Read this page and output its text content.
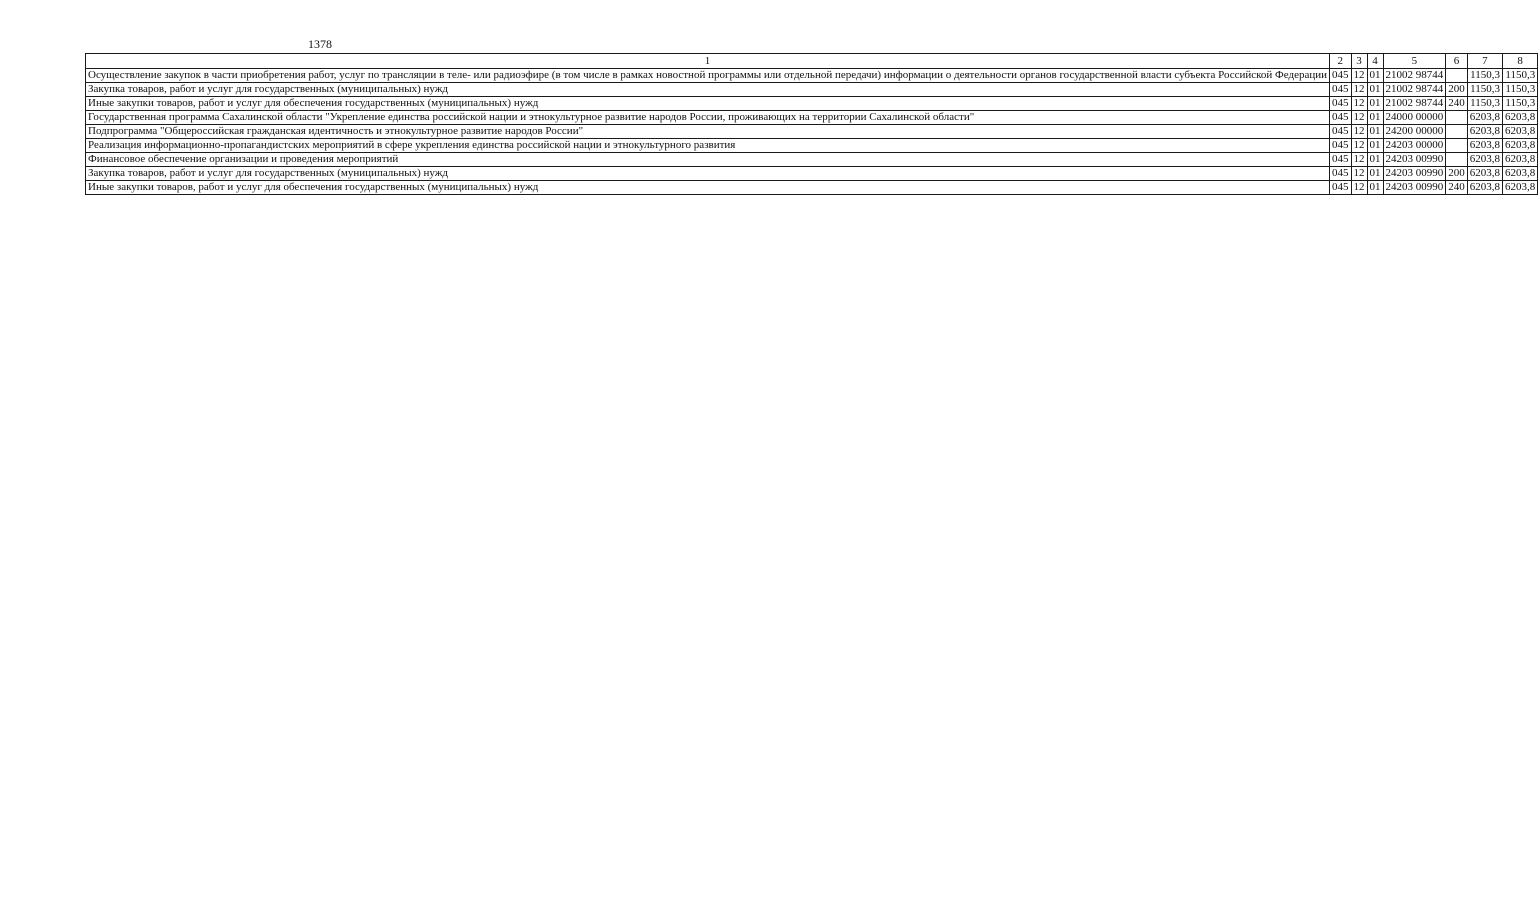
1378
1	2	3	4	5	6	7	8
Осуществление закупок в части приобретения работ, услуг по трансляции в теле- или радиоэфире (в том числе в рамках новостной программы или отдельной передачи) информации о деятельности органов государственной власти субъекта Российской Федерации	045	12	01	21002 98744		1150,3	1150,3
Закупка товаров, работ и услуг для государственных (муниципальных) нужд	045	12	01	21002 98744	200	1150,3	1150,3
Иные закупки товаров, работ и услуг для обеспечения государственных (муниципальных) нужд	045	12	01	21002 98744	240	1150,3	1150,3
Государственная программа Сахалинской области "Укрепление единства российской нации и этнокультурное развитие народов России, проживающих на территории Сахалинской области"	045	12	01	24000 00000		6203,8	6203,8
Подпрограмма "Общероссийская гражданская идентичность и этнокультурное развитие народов России"	045	12	01	24200 00000		6203,8	6203,8
Реализация информационно-пропагандистских мероприятий в сфере укрепления единства российской нации и этнокультурного развития	045	12	01	24203 00000		6203,8	6203,8
Финансовое обеспечение организации и проведения мероприятий	045	12	01	24203 00990		6203,8	6203,8
Закупка товаров, работ и услуг для государственных (муниципальных) нужд	045	12	01	24203 00990	200	6203,8	6203,8
Иные закупки товаров, работ и услуг для обеспечения государственных (муниципальных) нужд	045	12	01	24203 00990	240	6203,8	6203,8
